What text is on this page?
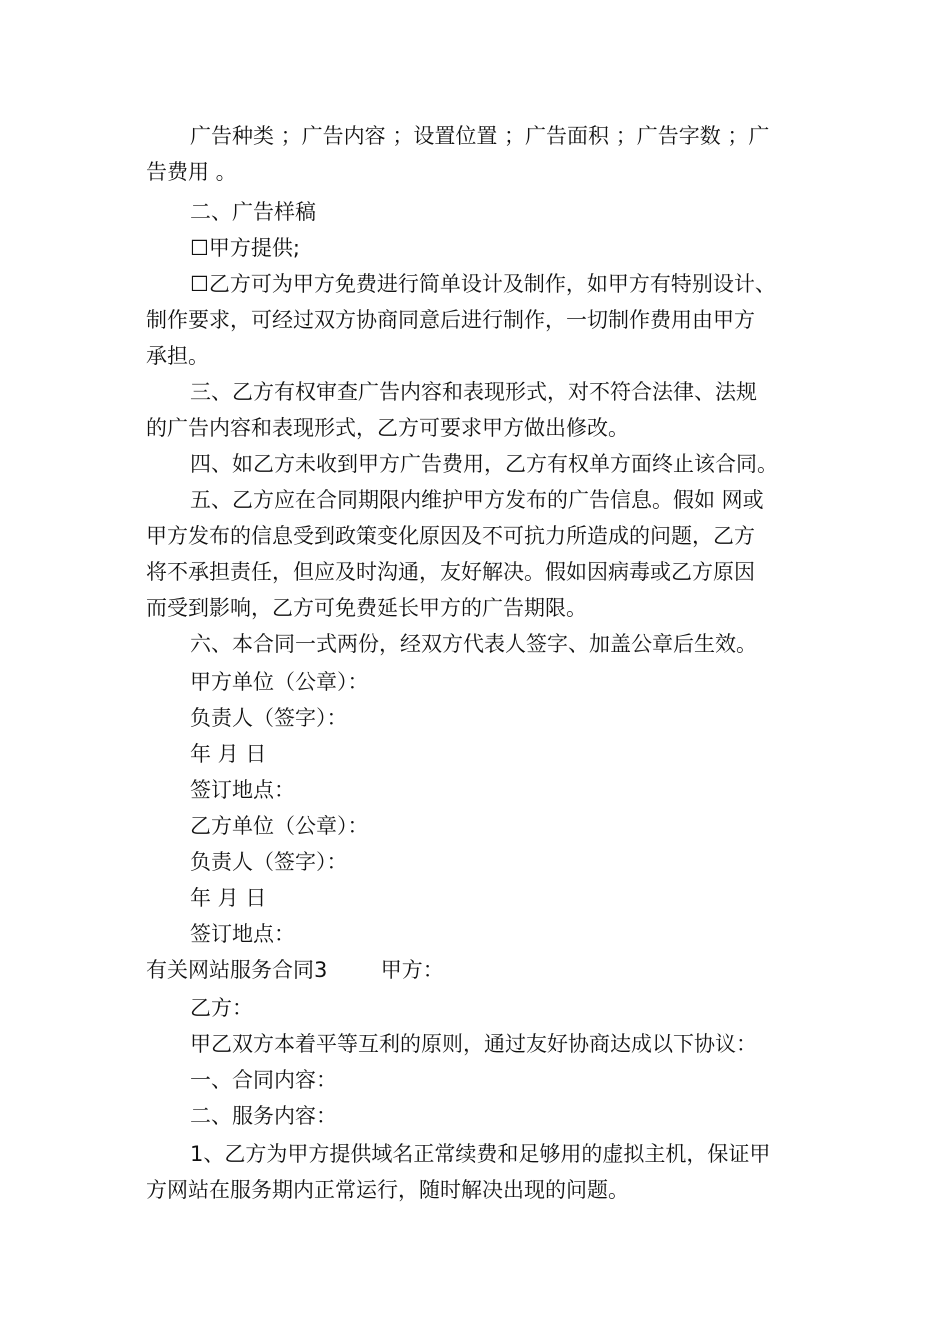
广告种类 ；广告内容 ；设置位置 ；广告面积 ；广告字数 ；广
告费用 。
二、广告样稿
☐甲方提供;
☐乙方可为甲方免费进行简单设计及制作，如甲方有特别设计、
制作要求，可经过双方协商同意后进行制作，一切制作费用由甲方
承担。
三、乙方有权审查广告内容和表现形式，对不符合法律、法规
的广告内容和表现形式，乙方可要求甲方做出修改。
四、如乙方未收到甲方广告费用，乙方有权单方面终止该合同。
五、乙方应在合同期限内维护甲方发布的广告信息。假如 网或
甲方发布的信息受到政策变化原因及不可抗力所造成的问题，乙方
将不承担责任，但应及时沟通，友好解决。假如因病毒或乙方原因
而受到影响，乙方可免费延长甲方的广告期限。
六、本合同一式两份，经双方代表人签字、加盖公章后生效。
甲方单位（公章）：
负责人（签字）：
年 月 日
签订地点：
乙方单位（公章）：
负责人（签字）：
年 月 日
签订地点：
有关网站服务合同3        甲方：
乙方：
甲乙双方本着平等互利的原则，通过友好协商达成以下协议：
一、合同内容：
二、服务内容：
1、乙方为甲方提供域名正常续费和足够用的虚拟主机，保证甲
方网站在服务期内正常运行，随时解决出现的问题。
